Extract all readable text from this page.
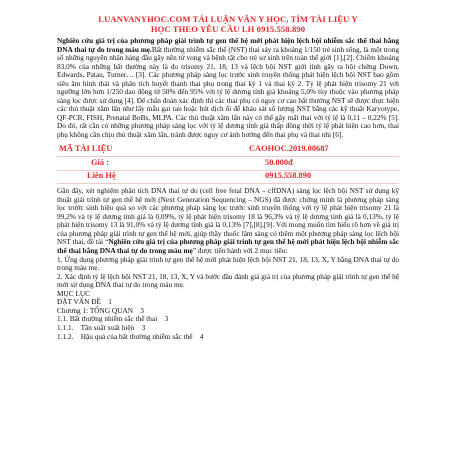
LUANVANYHOC.COM TẢI LUẬN VĂN Y HỌC, TÌM TÀI LIỆU Y
HỌC THEO YÊU CẦU LH 0915.558.890

Nghiên cứu giá trị của phương pháp giải trình tự gen thế hệ mới phát hiện lệch bội nhiễm sắc thể thai bằng DNA thai tự do trong máu mẹ.Bất thường nhiễm sắc thể (NST) thai sảy ra khoảng 1/150 trẻ sinh sống, là một trong số những nguyên nhân hàng đầu gây nên tử vong và bệnh tật cho trẻ sơ sinh trên toàn thế giới [1],[2]. Chiếm khoảng 83,0% của những bất thường này là do trisomy 21, 18, 13 và lệch bội NST giới tính gây ra hội chứng Down, Edwards, Patau, Turner… [3]. Các phương pháp sàng lọc trước sinh truyền thống phát hiện lệch bội NST bao gồm siêu âm hình thái và phân tích huyết thanh thai phụ trong thai kỳ 1 và thai kỳ 2. Tỷ lệ phát hiện trisomy 21 với ngưỡng lớn hơn 1/250 dao động từ 50% đến 95% với tỷ lệ dương tính giả khoảng 5,0% tùy thuộc vào phương pháp sàng lọc được sử dụng [4]. Để chẩn đoán xác định thì các thai phụ có nguy cơ cao bất thường NST sẽ được thực hiện các thủ thuật xâm lấn như lấy mẫu gai rau hoặc hút dịch ối để khảo sát số lượng NST bằng các kỹ thuật Karyotype, QF-PCR, FISH, Prenatal BoBs, MLPA. Các thủ thuật xâm lấn này có thể gây mất thai với tỷ lệ là 0,11 – 0,22% [5]. Do đó, rất cần có những phương pháp sàng lọc với tỷ lệ dương tính giả thấp đồng thời tỷ lệ phát hiện cao hơn, thai phụ không cần chịu thủ thuật xâm lấn, tránh được nguy cơ ảnh hưởng đến thai phụ và thai nhi [6].

MÃ TÀI LIỆU	CAOHOC.2019.00687
Giá :	50.000đ
Liên Hệ	0915.558.890

Gần đây, xét nghiệm phân tích DNA thai tự do (cell free fetal DNA – cffDNA) sàng lọc lệch bội NST sử dụng kỹ thuật giải trình tự gen thế hệ mới (Next Generation Sequencing – NGS) đã được chứng minh là phương pháp sàng lọc trước sinh hiệu quả so với các phương pháp sàng lọc trước sinh truyền thống với tỷ lệ phát hiện trisomy 21 là 99,2% và tỷ lệ dương tính giả là 0,09%, tỷ lệ phát hiện trisomy 18 là 96,3% và tỷ lệ dương tính giả là 0,13%, tỷ lệ phát hiện trisomy 13 là 91,0% và tỷ lệ dương tính giả là 0,13% [7],[8],[9]. Với mong muốn tìm hiểu rõ hơn về giá trị của phương pháp giải trình tự gen thế hệ mới, giúp thầy thuốc lâm sàng có thêm một phương pháp sàng lọc lệch bội NST thai, đề tài “Nghiên cứu giá trị của phương pháp giải trình tự gen thế hệ mới phát hiện lệch bội nhiễm sắc thể thai bằng DNA thai tự do trong máu mẹ” được tiến hành với 2 mục tiêu:

1. Ứng dụng phương pháp giải trình tự gen thế hệ mới phát hiện lệch bội NST 21, 18, 13, X, Y bằng DNA thai tự do trong máu mẹ.

2. Xác định tỷ lệ lệch bội NST 21, 18, 13, X, Y và bước đầu đánh giá giá trị của phương pháp giải trình tự gen thế hệ mới sử dụng DNA thai tự do trong máu mẹ.

MỤC LỤC
ĐẶT VẤN ĐỀ    1
Chương 1: TỔNG QUAN    3
1.1. Bất thường nhiễm sắc thể thai    3
1.1.1.    Tần suất xuất hiện    3
1.1.2.    Hậu quả của bất thường nhiễm sắc thể    4
